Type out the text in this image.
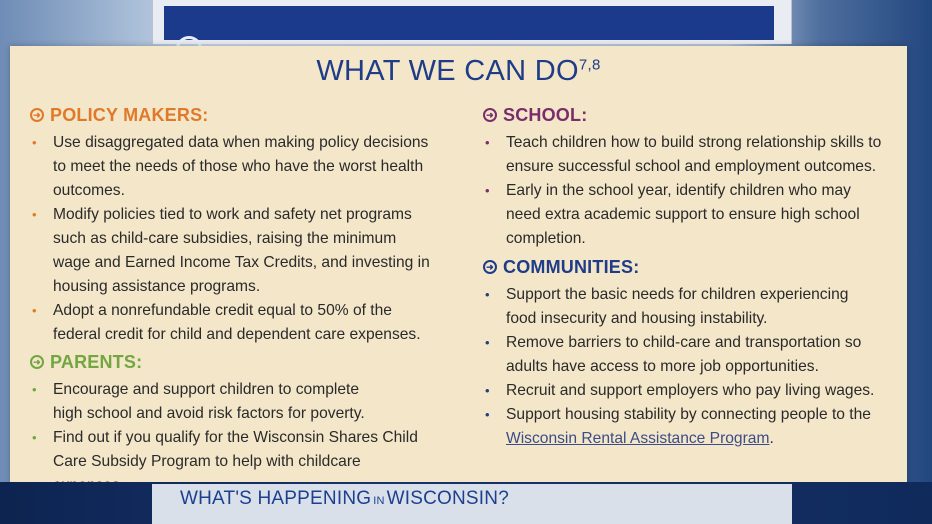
WHAT WE CAN DO$^{7,8}$
➜ POLICY MAKERS:
• Use disaggregated data when making policy decisions to meet the needs of those who have the worst health outcomes.
• Modify policies tied to work and safety net programs such as child-care subsidies, raising the minimum wage and Earned Income Tax Credits, and investing in housing assistance programs.
• Adopt a nonrefundable credit equal to 50% of the federal credit for child and dependent care expenses.
➜ PARENTS:
• Encourage and support children to complete high school and avoid risk factors for poverty.
• Find out if you qualify for the Wisconsin Shares Child Care Subsidy Program to help with childcare
➜ SCHOOL:
• Teach children how to build strong relationship skills to ensure successful school and employment outcomes.
• Early in the school year, identify children who may need extra academic support to ensure high school completion.
➜ COMMUNITIES:
• Support the basic needs for children experiencing food insecurity and housing instability.
• Remove barriers to child-care and transportation so adults have access to more job opportunities.
• Recruit and support employers who pay living wages.
• Support housing stability by connecting people to the Wisconsin Rental Assistance Program.
WHAT'S HAPPENING IN WISCONSIN?
